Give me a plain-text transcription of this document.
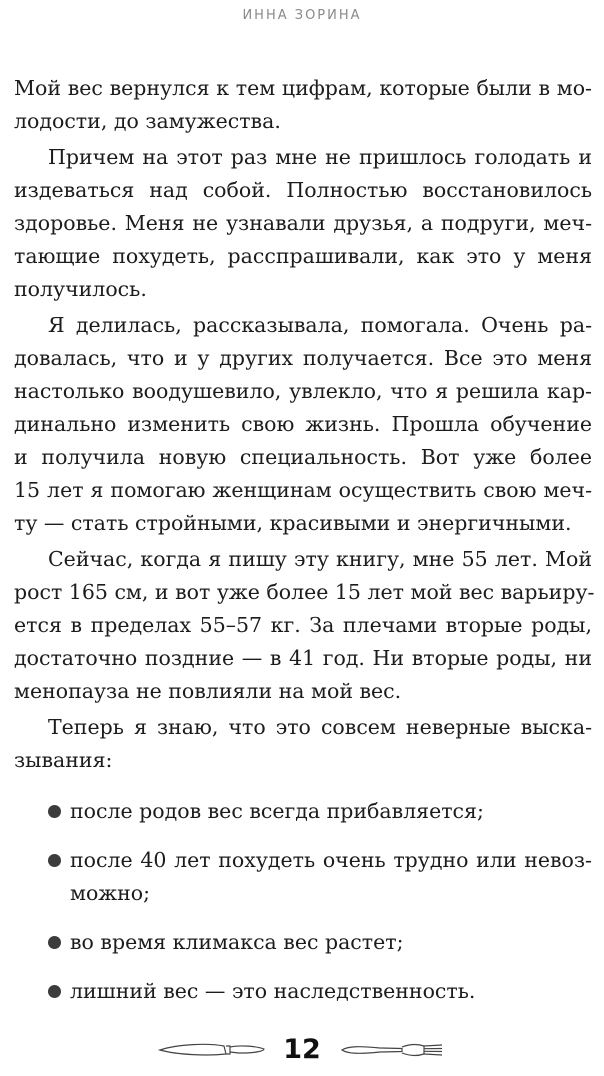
ИННА ЗОРИНА
Мой вес вернулся к тем цифрам, которые были в мо-
лодости, до замужества.
Причем на этот раз мне не пришлось голодать и
издеваться над собой. Полностью восстановилось
здоровье. Меня не узнавали друзья, а подруги, меч-
тающие похудеть, расспрашивали, как это у меня
получилось.
Я делилась, рассказывала, помогала. Очень ра-
довалась, что и у других получается. Все это меня
настолько воодушевило, увлекло, что я решила кар-
динально изменить свою жизнь. Прошла обучение
и получила новую специальность. Вот уже более
15 лет я помогаю женщинам осуществить свою меч-
ту — стать стройными, красивыми и энергичными.
Сейчас, когда я пишу эту книгу, мне 55 лет. Мой
рост 165 см, и вот уже более 15 лет мой вес варьиру-
ется в пределах 55–57 кг. За плечами вторые роды,
достаточно поздние — в 41 год. Ни вторые роды, ни
менопауза не повлияли на мой вес.
Теперь я знаю, что это совсем неверные выска-
зывания:
после родов вес всегда прибавляется;
после 40 лет похудеть очень трудно или невоз-
можно;
во время климакса вес растет;
лишний вес — это наследственность.
12
